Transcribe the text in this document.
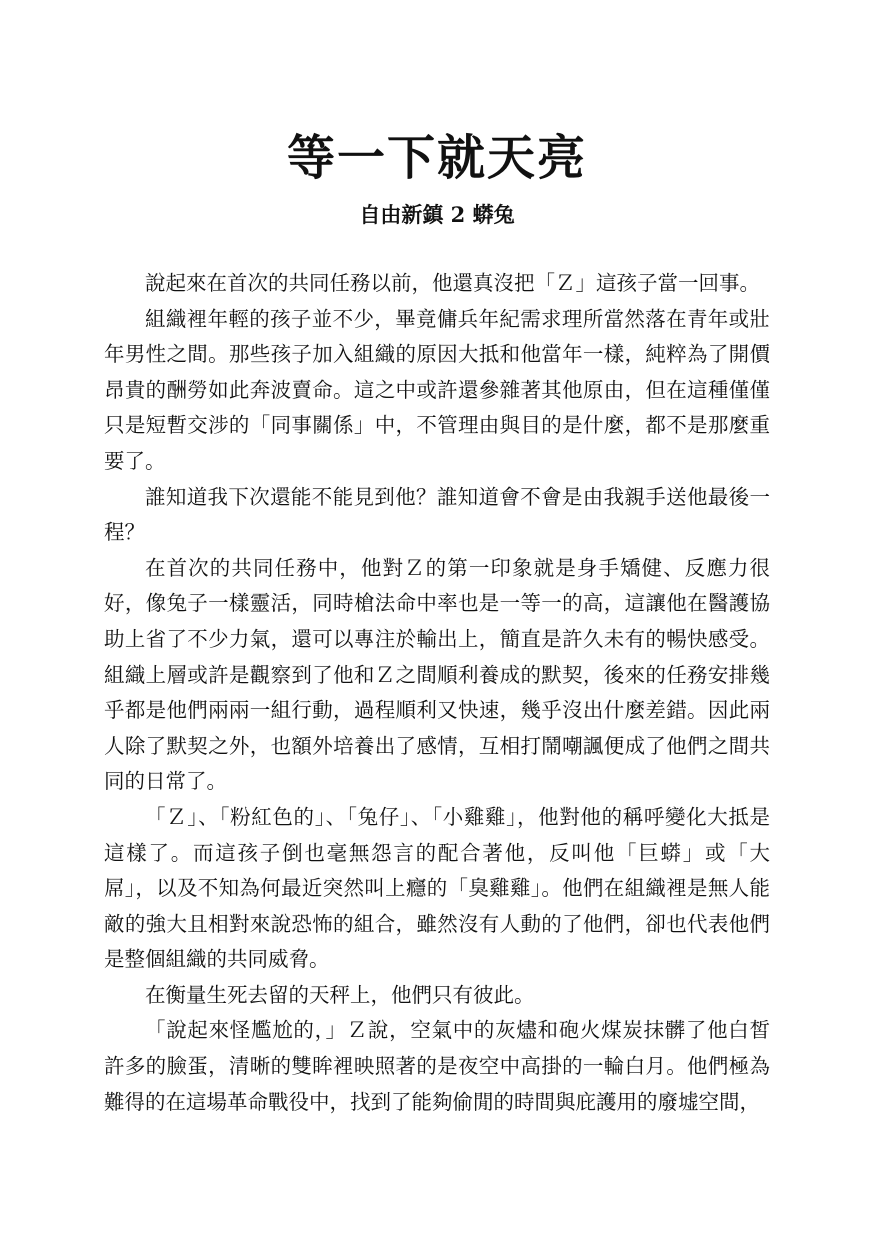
等一下就天亮
自由新鎮 2 蟒兔

說起來在首次的共同任務以前，他還真沒把「Ｚ」這孩子當一回事。

組織裡年輕的孩子並不少，畢竟傭兵年紀需求理所當然落在青年或壯年男性之間。那些孩子加入組織的原因大抵和他當年一樣，純粹為了開價昂貴的酬勞如此奔波賣命。這之中或許還參雜著其他原由，但在這種僅僅只是短暫交涉的「同事關係」中，不管理由與目的是什麼，都不是那麼重要了。

誰知道我下次還能不能見到他？誰知道會不會是由我親手送他最後一程？

在首次的共同任務中，他對Ｚ的第一印象就是身手矯健、反應力很好，像兔子一樣靈活，同時槍法命中率也是一等一的高，這讓他在醫護協助上省了不少力氣，還可以專注於輸出上，簡直是許久未有的暢快感受。組織上層或許是觀察到了他和Ｚ之間順利養成的默契，後來的任務安排幾乎都是他們兩兩一組行動，過程順利又快速，幾乎沒出什麼差錯。因此兩人除了默契之外，也額外培養出了感情，互相打鬧嘲諷便成了他們之間共同的日常了。

「Ｚ」、「粉紅色的」、「兔仔」、「小雞雞」，他對他的稱呼變化大抵是這樣了。而這孩子倒也毫無怨言的配合著他，反叫他「巨蟒」或「大屌」，以及不知為何最近突然叫上癮的「臭雞雞」。他們在組織裡是無人能敵的強大且相對來說恐怖的組合，雖然沒有人動的了他們，卻也代表他們是整個組織的共同威脅。

在衡量生死去留的天秤上，他們只有彼此。

「說起來怪尷尬的，」Ｚ說，空氣中的灰燼和砲火煤炭抹髒了他白皙許多的臉蛋，清晰的雙眸裡映照著的是夜空中高掛的一輪白月。他們極為難得的在這場革命戰役中，找到了能夠偷閒的時間與庇護用的廢墟空間，
